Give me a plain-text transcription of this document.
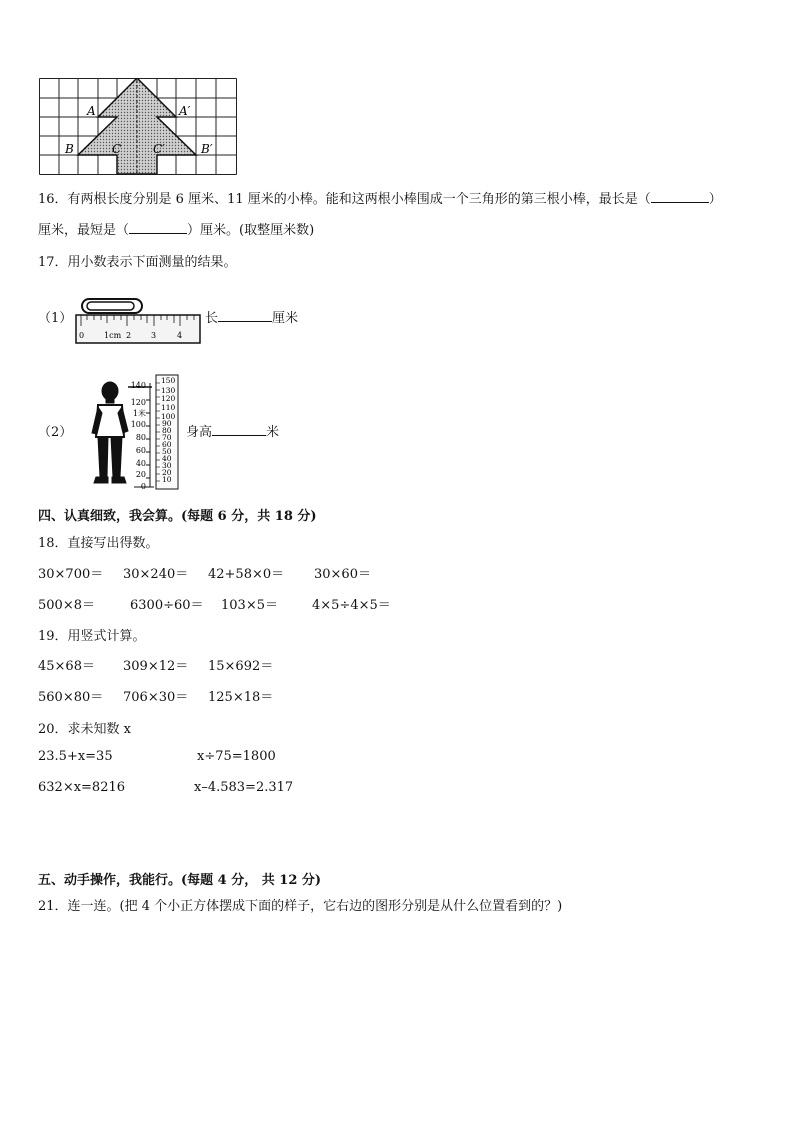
A	A′
B	B′
C	C′
16．有两根长度分别是 6 厘米、11 厘米的小棒。能和这两根小棒围成一个三角形的第三根小棒，最长是（	）
厘米，最短是（	）厘米。(取整厘米数)
17．用小数表示下面测量的结果。
（1）
0 1cm 2 3	4
长	厘米
（2）
140
120
1米
100
80
60
40
20
0
150
130
120
110
100
90
80
70
60
50
40
30
20
10
身高	米
四、认真细致，我会算。(每题 6 分，共 18 分)
18．直接写出得数。
30×700＝ 30×240＝ 42+58×0＝ 30×60＝
500×8＝	6300÷60＝ 103×5＝	4×5÷4×5＝
19．用竖式计算。
45×68＝ 309×12＝ 15×692＝
560×80＝ 706×30＝ 125×18＝
20．求未知数 x
23.5+x=35	x÷75=1800
632×x=8216	x–4.583=2.317
五、动手操作，我能行。(每题 4 分， 共 12 分)
21．连一连。(把 4 个小正方体摆成下面的样子，它右边的图形分别是从什么位置看到的？)
